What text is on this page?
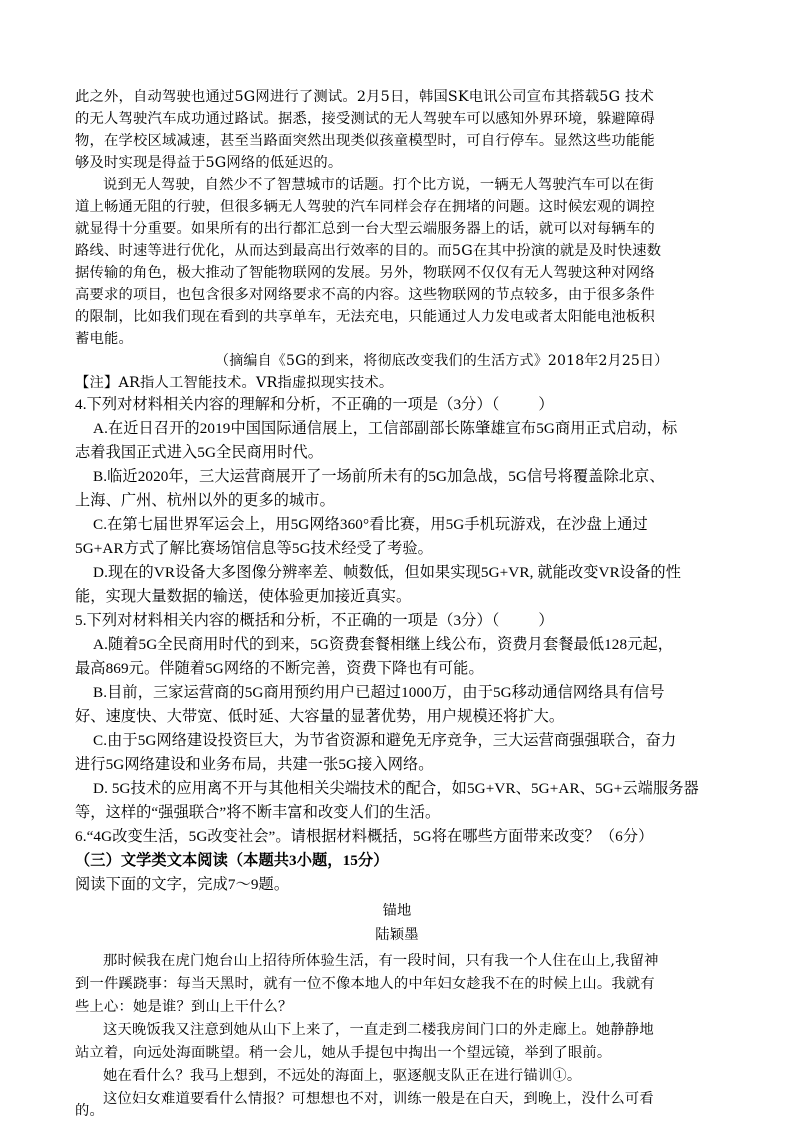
此之外，自动驾驶也通过5G网进行了测试。2月5日，韩国SK电讯公司宣布其搭载5G 技术
的无人驾驶汽车成功通过路试。据悉，接受测试的无人驾驶车可以感知外界环境，躲避障碍
物，在学校区域减速，甚至当路面突然出现类似孩童模型时，可自行停车。显然这些功能能
够及时实现是得益于5G网络的低延迟的。
说到无人驾驶，自然少不了智慧城市的话题。打个比方说，一辆无人驾驶汽车可以在街
道上畅通无阻的行驶，但很多辆无人驾驶的汽车同样会存在拥堵的问题。这时候宏观的调控
就显得十分重要。如果所有的出行都汇总到一台大型云端服务器上的话，就可以对每辆车的
路线、时速等进行优化，从而达到最高出行效率的目的。而5G在其中扮演的就是及时快速数
据传输的角色，极大推动了智能物联网的发展。另外，物联网不仅仅有无人驾驶这种对网络
高要求的项目，也包含很多对网络要求不高的内容。这些物联网的节点较多，由于很多条件
的限制，比如我们现在看到的共享单车，无法充电，只能通过人力发电或者太阳能电池板积
蓄电能。
（摘编自《5G的到来，将彻底改变我们的生活方式》2018年2月25日）
【注】AR指人工智能技术。VR指虚拟现实技术。
4.下列对材料相关内容的理解和分析，不正确的一项是（3分）（          ）
A.在近日召开的2019中国国际通信展上，工信部副部长陈肇雄宣布5G商用正式启动，标
志着我国正式进入5G全民商用时代。
B.临近2020年，三大运营商展开了一场前所未有的5G加急战，5G信号将覆盖除北京、
上海、广州、杭州以外的更多的城市。
C.在第七届世界军运会上，用5G网络360°看比赛，用5G手机玩游戏，在沙盘上通过
5G+AR方式了解比赛场馆信息等5G技术经受了考验。
D.现在的VR设备大多图像分辨率差、帧数低，但如果实现5G+VR, 就能改变VR设备的性
能，实现大量数据的输送，使体验更加接近真实。
5.下列对材料相关内容的概括和分析，不正确的一项是（3分）（          ）
A.随着5G全民商用时代的到来，5G资费套餐相继上线公布，资费月套餐最低128元起，
最高869元。伴随着5G网络的不断完善，资费下降也有可能。
B.目前，三家运营商的5G商用预约用户已超过1000万，由于5G移动通信网络具有信号
好、速度快、大带宽、低时延、大容量的显著优势，用户规模还将扩大。
C.由于5G网络建设投资巨大，为节省资源和避免无序竞争，三大运营商强强联合，奋力
进行5G网络建设和业务布局，共建一张5G接入网络。
D. 5G技术的应用离不开与其他相关尖端技术的配合，如5G+VR、5G+AR、5G+云端服务器
等，这样的“强强联合”将不断丰富和改变人们的生活。
6.“4G改变生活，5G改变社会”。请根据材料概括，5G将在哪些方面带来改变？（6分）
（三）文学类文本阅读（本题共3小题，15分）
阅读下面的文字，完成7～9题。
锚地
陆颖墨
那时候我在虎门炮台山上招待所体验生活，有一段时间，只有我一个人住在山上,我留神
到一件蹊跷事：每当天黑时，就有一位不像本地人的中年妇女趁我不在的时候上山。我就有
些上心：她是谁？到山上干什么？
这天晚饭我又注意到她从山下上来了，一直走到二楼我房间门口的外走廊上。她静静地
站立着，向远处海面眺望。稍一会儿，她从手提包中掏出一个望远镜，举到了眼前。
她在看什么？我马上想到，不远处的海面上，驱逐舰支队正在进行锚训①。
这位妇女难道要看什么情报？可想想也不对，训练一般是在白天，到晚上，没什么可看
的。
